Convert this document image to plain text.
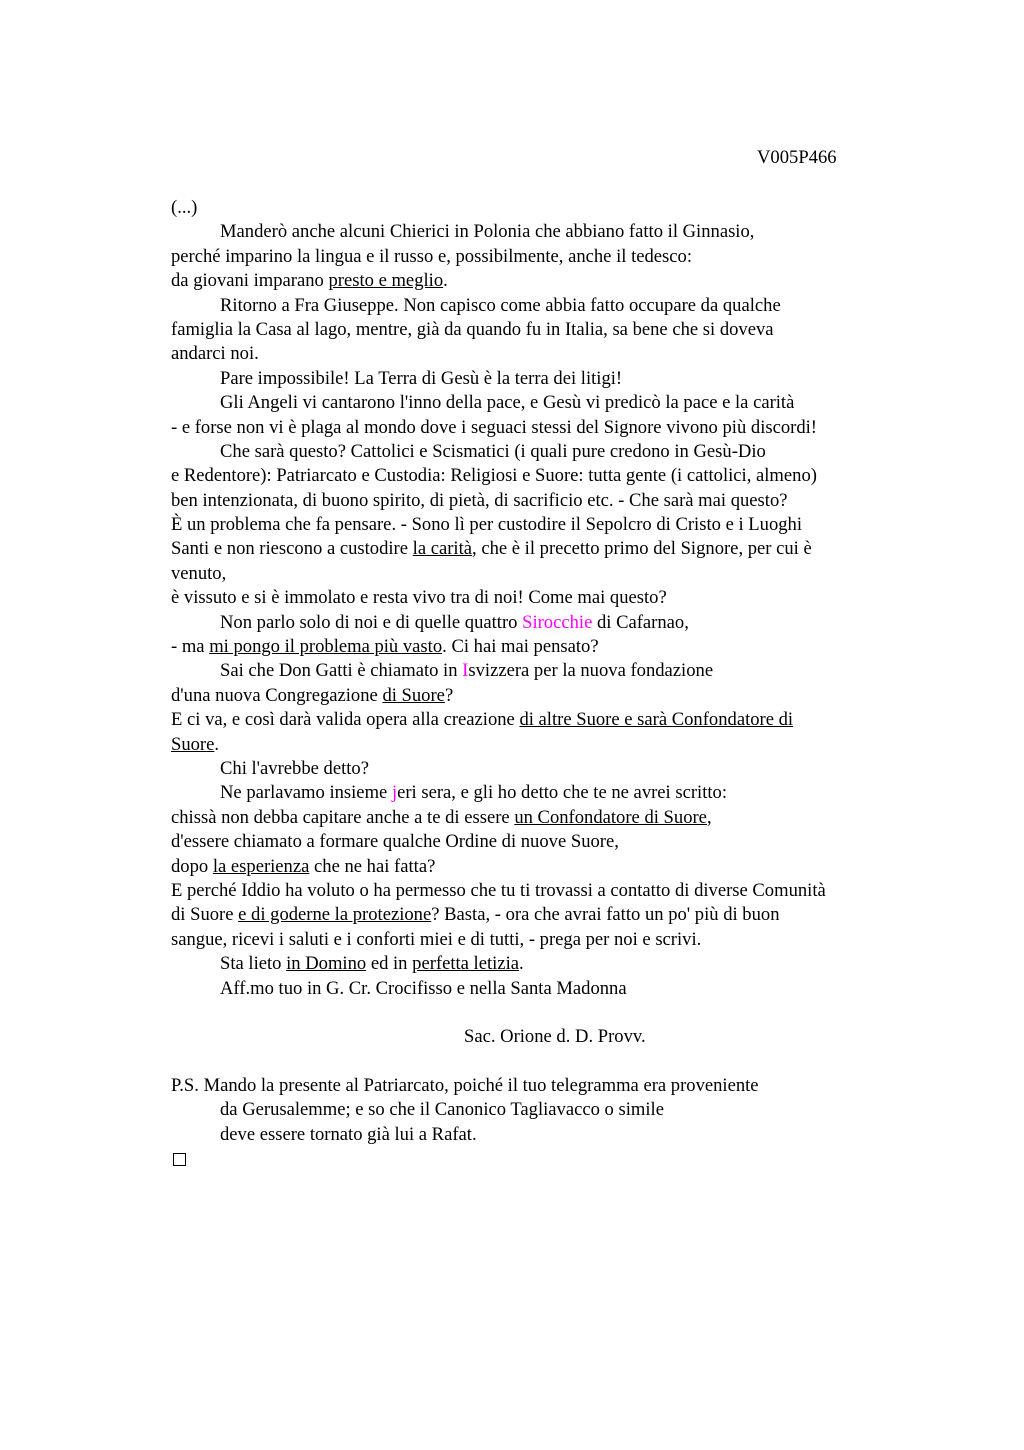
V005P466
(...)
Manderò anche alcuni Chierici in Polonia che abbiano fatto il Ginnasio,
perché imparino la lingua e il russo e, possibilmente, anche il tedesco:
da giovani imparano presto e meglio.
Ritorno a Fra Giuseppe. Non capisco come abbia fatto occupare da qualche
famiglia la Casa al lago, mentre, già da quando fu in Italia, sa bene che si doveva
andarci noi.
Pare impossibile! La Terra di Gesù è la terra dei litigi!
Gli Angeli vi cantarono l'inno della pace, e Gesù vi predicò la pace e la carità
- e forse non vi è plaga al mondo dove i seguaci stessi del Signore vivono più discordi!
Che sarà questo? Cattolici e Scismatici (i quali pure credono in Gesù-Dio
e Redentore): Patriarcato e Custodia: Religiosi e Suore: tutta gente (i cattolici, almeno)
ben intenzionata, di buono spirito, di pietà, di sacrificio etc. - Che sarà mai questo?
È un problema che fa pensare. - Sono lì per custodire il Sepolcro di Cristo e i Luoghi
Santi e non riescono a custodire la carità, che è il precetto primo del Signore, per cui è
venuto,
è vissuto e si è immolato e resta vivo tra di noi! Come mai questo?
Non parlo solo di noi e di quelle quattro Sirocchie di Cafarnao,
- ma mi pongo il problema più vasto. Ci hai mai pensato?
Sai che Don Gatti è chiamato in Isvizzera per la nuova fondazione
d'una nuova Congregazione di Suore?
E ci va, e così darà valida opera alla creazione di altre Suore e sarà Confondatore di
Suore.
Chi l'avrebbe detto?
Ne parlavamo insieme jeri sera, e gli ho detto che te ne avrei scritto:
chissà non debba capitare anche a te di essere un Confondatore di Suore,
d'essere chiamato a formare qualche Ordine di nuove Suore,
dopo la esperienza che ne hai fatta?
E perché Iddio ha voluto o ha permesso che tu ti trovassi a contatto di diverse Comunità
di Suore e di goderne la protezione? Basta, - ora che avrai fatto un po' più di buon
sangue, ricevi i saluti e i conforti miei e di tutti, - prega per noi e scrivi.
Sta lieto in Domino ed in perfetta letizia.
Aff.mo tuo in G. Cr. Crocifisso e nella Santa Madonna
Sac. Orione d. D. Provv.
P.S. Mando la presente al Patriarcato, poiché il tuo telegramma era proveniente
da Gerusalemme; e so che il Canonico Tagliavacco o simile
deve essere tornato già lui a Rafat.
